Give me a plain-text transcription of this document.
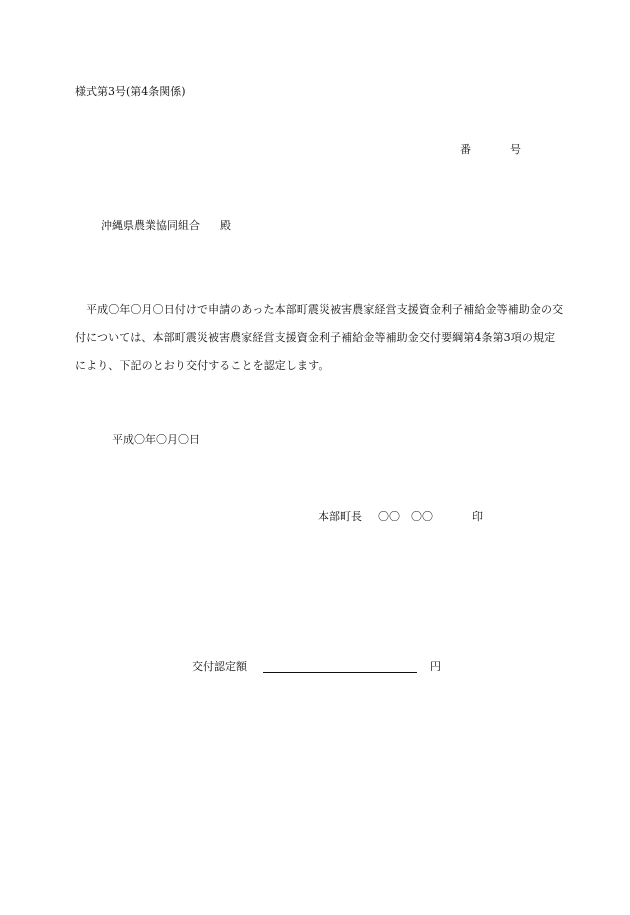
様式第3号(第4条関係)
番	号
沖縄県農業協同組合 殿
平成〇年〇月〇日付けで申請のあった本部町震災被害農家経営支援資金利子補給金等補助金の交付については、本部町震災被害農家経営支援資金利子補給金等補助金交付要綱第4条第3項の規定により、下記のとおり交付することを認定します。
平成〇年〇月〇日
本部町長 〇〇　〇〇	印
交付認定額	円
